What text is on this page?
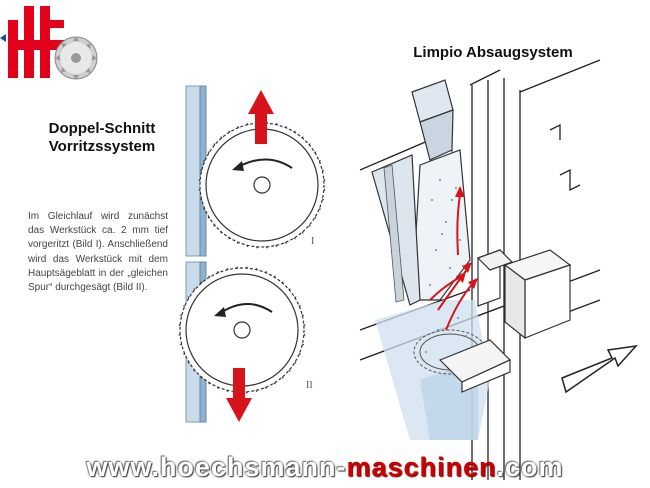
Doppel-Schnitt
Vorritzssystem
Limpio Absaugsystem
Im Gleichlauf wird zunächst das Werkstück ca. 2 mm tief vorgeritzt (Bild I). Anschließend wird das Werkstück mit dem Hauptsägeblatt in der „gleichen Spur“ durchgesägt (Bild II).
I
II
www.hoechsmann-maschinen.com
